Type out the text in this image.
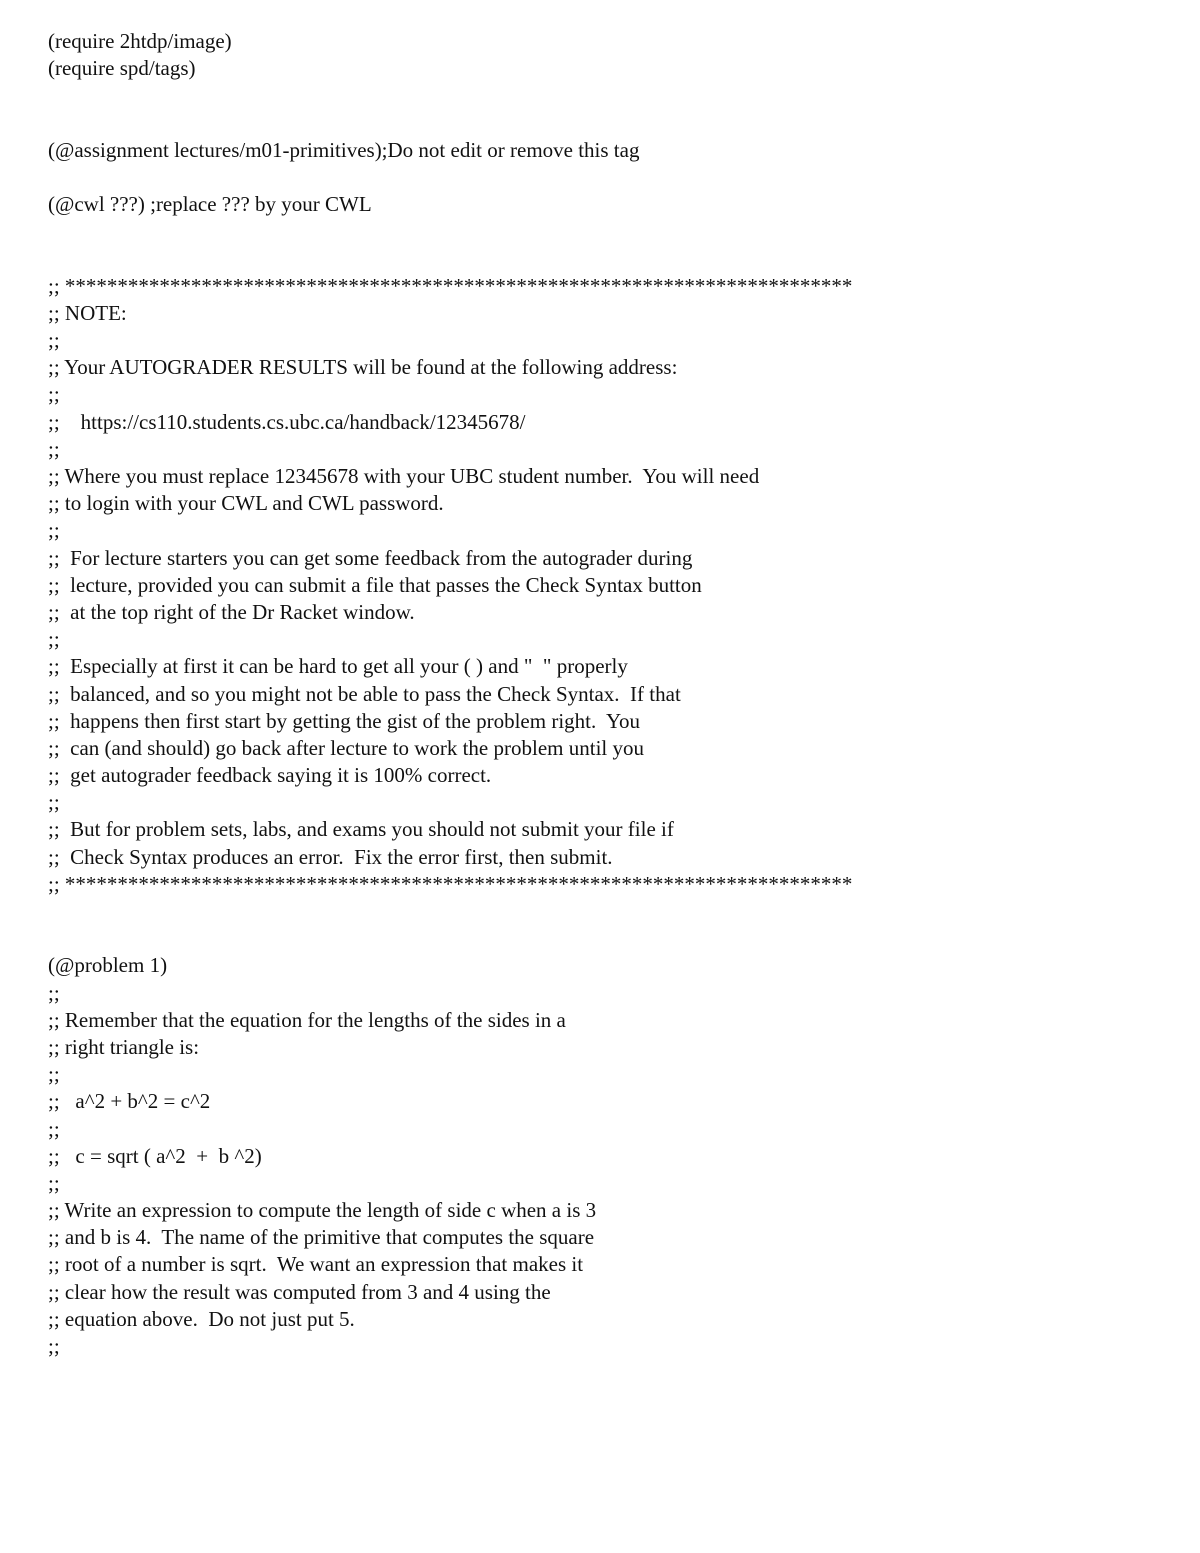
(require 2htdp/image)
(require spd/tags)
(@assignment lectures/m01-primitives);Do not edit or remove this tag
(@cwl ???) ;replace ??? by your CWL
;; ***************************************************************************
;; NOTE:
;;
;; Your AUTOGRADER RESULTS will be found at the following address:
;;
;;    https://cs110.students.cs.ubc.ca/handback/12345678/
;;
;; Where you must replace 12345678 with your UBC student number.  You will need
;; to login with your CWL and CWL password.
;;
;;  For lecture starters you can get some feedback from the autograder during
;;  lecture, provided you can submit a file that passes the Check Syntax button
;;  at the top right of the Dr Racket window.
;;
;;  Especially at first it can be hard to get all your ( ) and "  " properly
;;  balanced, and so you might not be able to pass the Check Syntax.  If that
;;  happens then first start by getting the gist of the problem right.  You
;;  can (and should) go back after lecture to work the problem until you
;;  get autograder feedback saying it is 100% correct.
;;
;;  But for problem sets, labs, and exams you should not submit your file if
;;  Check Syntax produces an error.  Fix the error first, then submit.
;; ***************************************************************************
(@problem 1)
;;
;; Remember that the equation for the lengths of the sides in a
;; right triangle is:
;;
;;   a^2 + b^2 = c^2
;;
;;   c = sqrt ( a^2  +  b ^2)
;;
;; Write an expression to compute the length of side c when a is 3
;; and b is 4.  The name of the primitive that computes the square
;; root of a number is sqrt.  We want an expression that makes it
;; clear how the result was computed from 3 and 4 using the
;; equation above.  Do not just put 5.
;;
